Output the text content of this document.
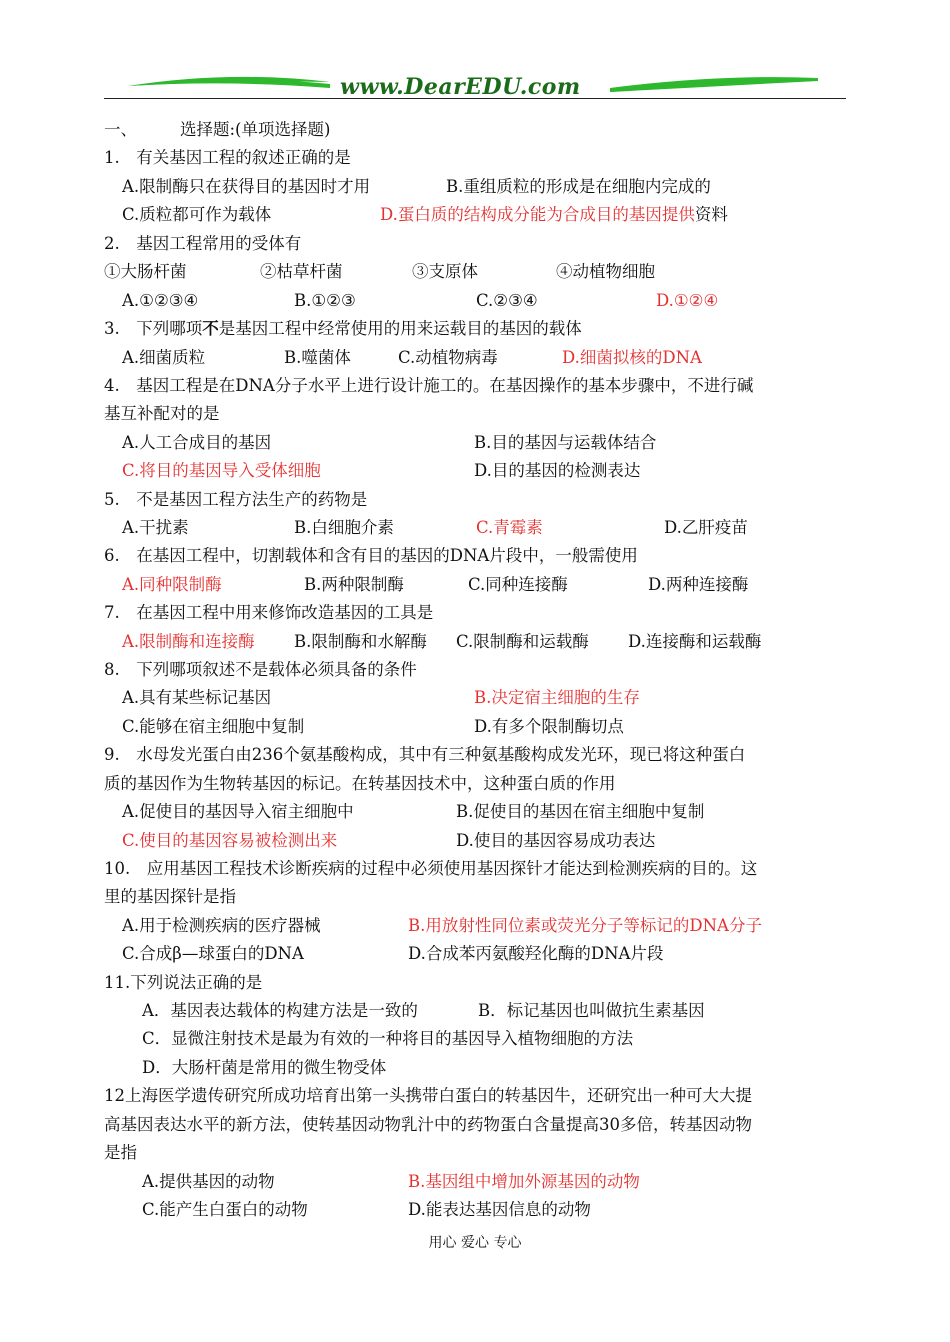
www.DearEDU.com
一、	选择题:(单项选择题)
1.　有关基因工程的叙述正确的是
A.限制酶只在获得目的基因时才用	B.重组质粒的形成是在细胞内完成的
C.质粒都可作为载体	D.蛋白质的结构成分能为合成目的基因提供资料
2.　基因工程常用的受体有
①大肠杆菌	②枯草杆菌	③支原体	④动植物细胞
A.①②③④	B.①②③	C.②③④	D.①②④
3.　下列哪项不是基因工程中经常使用的用来运载目的基因的载体
A.细菌质粒	B.噬菌体	C.动植物病毒	D.细菌拟核的DNA
4.　基因工程是在DNA分子水平上进行设计施工的。在基因操作的基本步骤中，不进行碱
基互补配对的是
A.人工合成目的基因	B.目的基因与运载体结合
C.将目的基因导入受体细胞	D.目的基因的检测表达
5.　不是基因工程方法生产的药物是
A.干扰素	B.白细胞介素	C.青霉素	D.乙肝疫苗
6.　在基因工程中，切割载体和含有目的基因的DNA片段中，一般需使用
A.同种限制酶	B.两种限制酶	C.同种连接酶	D.两种连接酶
7.　在基因工程中用来修饰改造基因的工具是
A.限制酶和连接酶 B.限制酶和水解酶 C.限制酶和运载酶 D.连接酶和运载酶
8.　下列哪项叙述不是载体必须具备的条件
A.具有某些标记基因	B.决定宿主细胞的生存
C.能够在宿主细胞中复制	D.有多个限制酶切点
9.　水母发光蛋白由236个氨基酸构成，其中有三种氨基酸构成发光环，现已将这种蛋白
质的基因作为生物转基因的标记。在转基因技术中，这种蛋白质的作用
A.促使目的基因导入宿主细胞中	B.促使目的基因在宿主细胞中复制
C.使目的基因容易被检测出来	D.使目的基因容易成功表达
10.　应用基因工程技术诊断疾病的过程中必须使用基因探针才能达到检测疾病的目的。这
里的基因探针是指
A.用于检测疾病的医疗器械	B.用放射性同位素或荧光分子等标记的DNA分子
C.合成β—球蛋白的DNA	D.合成苯丙氨酸羟化酶的DNA片段
11.下列说法正确的是
A．基因表达载体的构建方法是一致的	B．标记基因也叫做抗生素基因
C．显微注射技术是最为有效的一种将目的基因导入植物细胞的方法
D．大肠杆菌是常用的微生物受体
12上海医学遗传研究所成功培育出第一头携带白蛋白的转基因牛，还研究出一种可大大提
高基因表达水平的新方法，使转基因动物乳汁中的药物蛋白含量提高30多倍，转基因动物
是指
A.提供基因的动物	B.基因组中增加外源基因的动物
C.能产生白蛋白的动物	D.能表达基因信息的动物
用心 爱心 专心
